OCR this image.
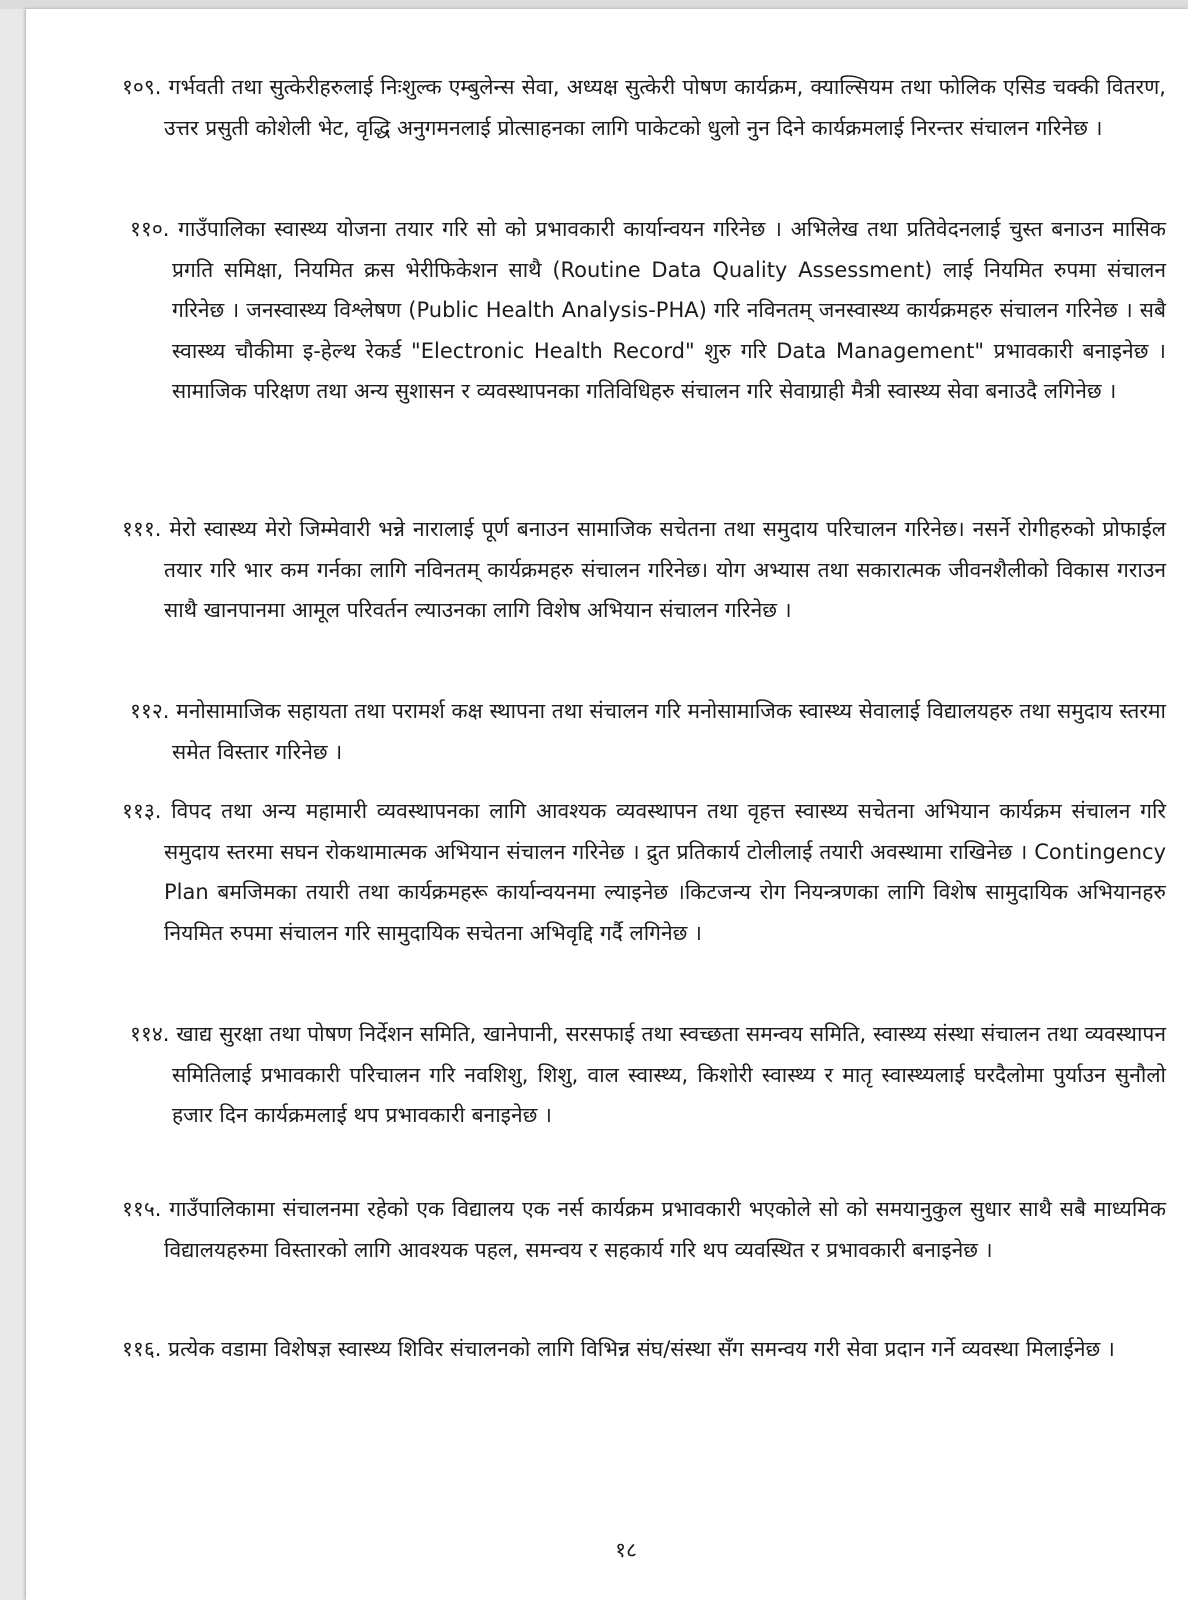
१०९. गर्भवती तथा सुत्केरीहरुलाई निःशुल्क एम्बुलेन्स सेवा, अध्यक्ष सुत्केरी पोषण कार्यक्रम, क्याल्सियम तथा फोलिक एसिड चक्की वितरण, उत्तर प्रसुती कोशेली भेट, वृद्धि अनुगमनलाई प्रोत्साहनका लागि पाकेटको धुलो नुन दिने कार्यक्रमलाई निरन्तर संचालन गरिनेछ ।
११०. गाउँपालिका स्वास्थ्य योजना तयार गरि सो को प्रभावकारी कार्यान्वयन गरिनेछ । अभिलेख तथा प्रतिवेदनलाई चुस्त बनाउन मासिक प्रगति समिक्षा, नियमित क्रस भेरीफिकेशन साथै (Routine Data Quality Assessment) लाई नियमित रुपमा संचालन गरिनेछ । जनस्वास्थ्य विश्लेषण (Public Health Analysis-PHA) गरि नविनतम् जनस्वास्थ्य कार्यक्रमहरु संचालन गरिनेछ । सबै स्वास्थ्य चौकीमा इ-हेल्थ रेकर्ड "Electronic Health Record" शुरु गरि Data Management" प्रभावकारी बनाइनेछ । सामाजिक परिक्षण तथा अन्य सुशासन र व्यवस्थापनका गतिविधिहरु संचालन गरि सेवाग्राही मैत्री स्वास्थ्य सेवा बनाउदै लगिनेछ ।
१११. मेरो स्वास्थ्य मेरो जिम्मेवारी भन्ने नारालाई पूर्ण बनाउन सामाजिक सचेतना तथा समुदाय परिचालन गरिनेछ। नसर्ने रोगीहरुको प्रोफाईल तयार गरि भार कम गर्नका लागि नविनतम् कार्यक्रमहरु संचालन गरिनेछ। योग अभ्यास तथा सकारात्मक जीवनशैलीको विकास गराउन साथै खानपानमा आमूल परिवर्तन ल्याउनका लागि विशेष अभियान संचालन गरिनेछ ।
११२. मनोसामाजिक सहायता तथा परामर्श कक्ष स्थापना तथा संचालन गरि मनोसामाजिक स्वास्थ्य सेवालाई विद्यालयहरु तथा समुदाय स्तरमा समेत विस्तार गरिनेछ ।
११३. विपद तथा अन्य महामारी व्यवस्थापनका लागि आवश्यक व्यवस्थापन तथा वृहत्त स्वास्थ्य सचेतना अभियान कार्यक्रम संचालन गरि समुदाय स्तरमा सघन रोकथामात्मक अभियान संचालन गरिनेछ । द्रुत प्रतिकार्य टोलीलाई तयारी अवस्थामा राखिनेछ । Contingency Plan बमजिमका तयारी तथा कार्यक्रमहरू कार्यान्वयनमा ल्याइनेछ ।किटजन्य रोग नियन्त्रणका लागि विशेष सामुदायिक अभियानहरु नियमित रुपमा संचालन गरि सामुदायिक सचेतना अभिवृद्दि गर्दै लगिनेछ ।
११४. खाद्य सुरक्षा तथा पोषण निर्देशन समिति, खानेपानी, सरसफाई तथा स्वच्छता समन्वय समिति, स्वास्थ्य संस्था संचालन तथा व्यवस्थापन समितिलाई प्रभावकारी परिचालन गरि नवशिशु, शिशु, वाल स्वास्थ्य, किशोरी स्वास्थ्य र मातृ स्वास्थ्यलाई घरदैलोमा पुर्याउन सुनौलो हजार दिन कार्यक्रमलाई थप प्रभावकारी बनाइनेछ ।
११५. गाउँपालिकामा संचालनमा रहेको एक विद्यालय एक नर्स कार्यक्रम प्रभावकारी भएकोले सो को समयानुकुल सुधार साथै सबै माध्यमिक विद्यालयहरुमा विस्तारको लागि आवश्यक पहल, समन्वय र सहकार्य गरि थप व्यवस्थित र प्रभावकारी बनाइनेछ ।
११६. प्रत्येक वडामा विशेषज्ञ स्वास्थ्य शिविर संचालनको लागि विभिन्न संघ/संस्था सँग समन्वय गरी सेवा प्रदान गर्ने व्यवस्था मिलाईनेछ ।
१८
